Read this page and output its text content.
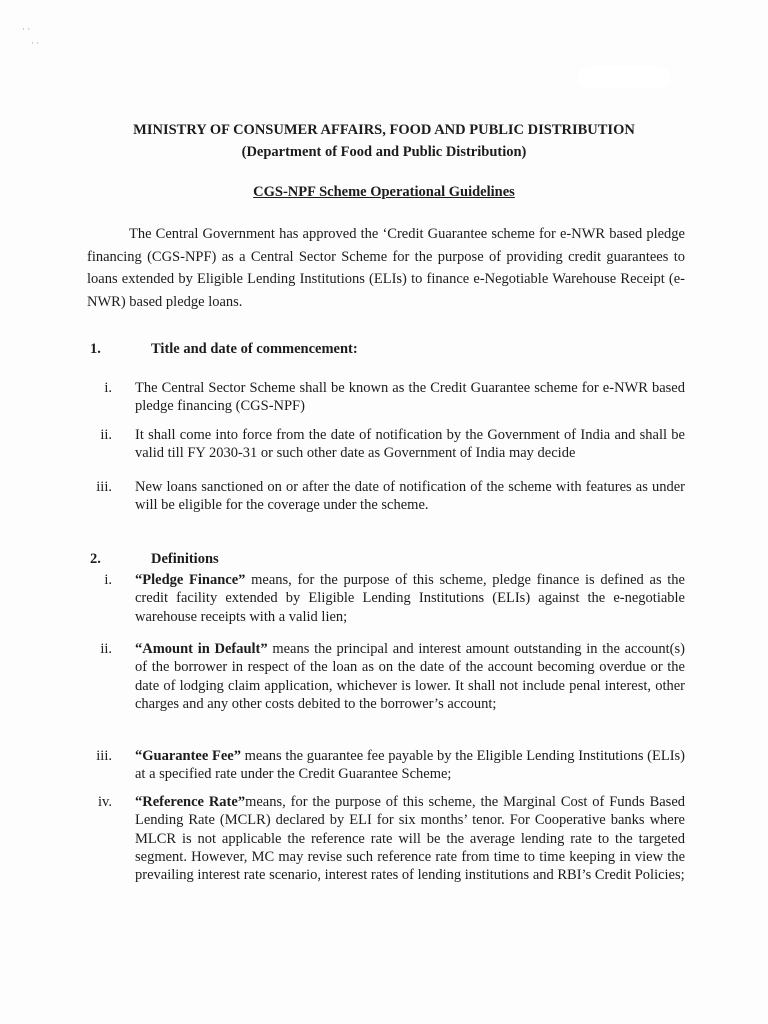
· ·
· ·
MINISTRY OF CONSUMER AFFAIRS, FOOD AND PUBLIC DISTRIBUTION
(Department of Food and Public Distribution)
CGS-NPF Scheme Operational Guidelines
The Central Government has approved the ‘Credit Guarantee scheme for e-NWR based pledge financing (CGS-NPF) as a Central Sector Scheme for the purpose of providing credit guarantees to loans extended by Eligible Lending Institutions (ELIs) to finance e-Negotiable Warehouse Receipt (e-NWR) based pledge loans.
1.	Title and date of commencement:
i. The Central Sector Scheme shall be known as the Credit Guarantee scheme for e-NWR based pledge financing (CGS-NPF)
ii. It shall come into force from the date of notification by the Government of India and shall be valid till FY 2030-31 or such other date as Government of India may decide
iii. New loans sanctioned on or after the date of notification of the scheme with features as under will be eligible for the coverage under the scheme.
2.	Definitions
i. “Pledge Finance” means, for the purpose of this scheme, pledge finance is defined as the credit facility extended by Eligible Lending Institutions (ELIs) against the e-negotiable warehouse receipts with a valid lien;
ii. “Amount in Default” means the principal and interest amount outstanding in the account(s) of the borrower in respect of the loan as on the date of the account becoming overdue or the date of lodging claim application, whichever is lower. It shall not include penal interest, other charges and any other costs debited to the borrower’s account;
iii. “Guarantee Fee” means the guarantee fee payable by the Eligible Lending Institutions (ELIs) at a specified rate under the Credit Guarantee Scheme;
iv. “Reference Rate”means, for the purpose of this scheme, the Marginal Cost of Funds Based Lending Rate (MCLR) declared by ELI for six months’ tenor. For Cooperative banks where MLCR is not applicable the reference rate will be the average lending rate to the targeted segment. However, MC may revise such reference rate from time to time keeping in view the prevailing interest rate scenario, interest rates of lending institutions and RBI’s Credit Policies;
